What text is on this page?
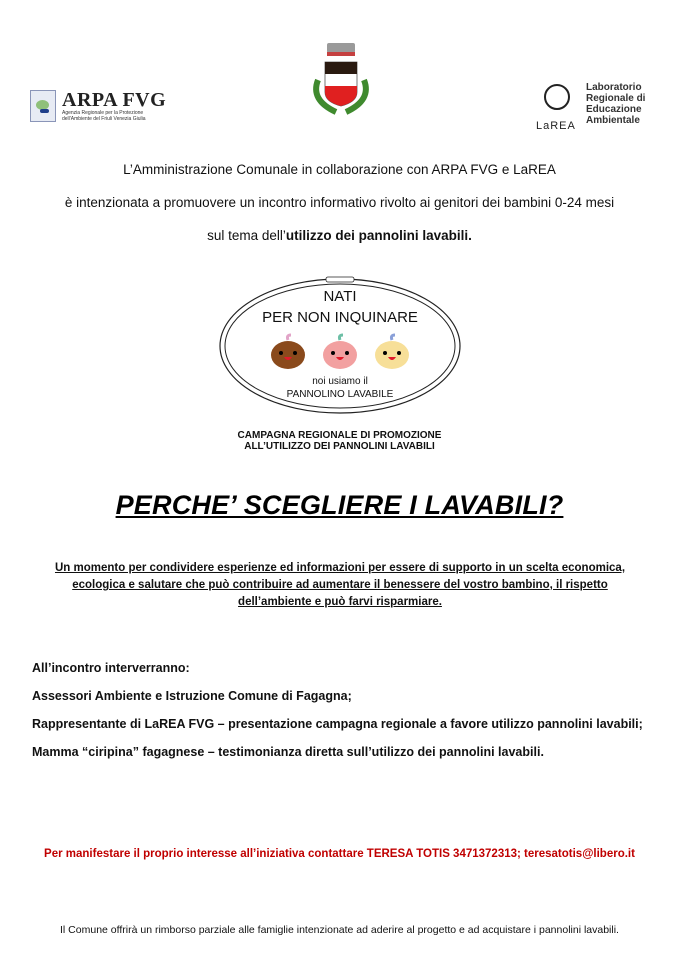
ARPA FVG
Agenzia Regionale per la Protezione dell'Ambiente del Friuli Venezia Giulia
LaREA
Laboratorio
Regionale di
Educazione
Ambientale
L’Amministrazione Comunale in collaborazione con ARPA FVG e LaREA
è intenzionata a promuovere un incontro informativo rivolto ai genitori dei bambini 0-24 mesi
sul tema dell’utilizzo dei pannolini lavabili.
NATI
PER NON INQUINARE
noi usiamo il
PANNOLINO LAVABILE
CAMPAGNA REGIONALE DI PROMOZIONE
ALL’UTILIZZO DEI PANNOLINI LAVABILI
PERCHE’ SCEGLIERE I LAVABILI?
Un momento per condividere esperienze ed informazioni per essere di supporto in un scelta economica, ecologica e salutare che può contribuire ad aumentare il benessere del vostro bambino, il rispetto dell’ambiente e può farvi risparmiare.

All’incontro interverranno:

Assessori Ambiente e Istruzione Comune di Fagagna;

Rappresentante di LaREA FVG – presentazione campagna regionale a favore utilizzo pannolini lavabili;

Mamma “ciripina” fagagnese – testimonianza diretta sull’utilizzo dei pannolini lavabili.

Per manifestare il proprio interesse all’iniziativa contattare TERESA TOTIS 3471372313; teresatotis@libero.it
Il Comune offrirà un rimborso parziale alle famiglie intenzionate ad aderire al progetto e ad acquistare i pannolini lavabili.
